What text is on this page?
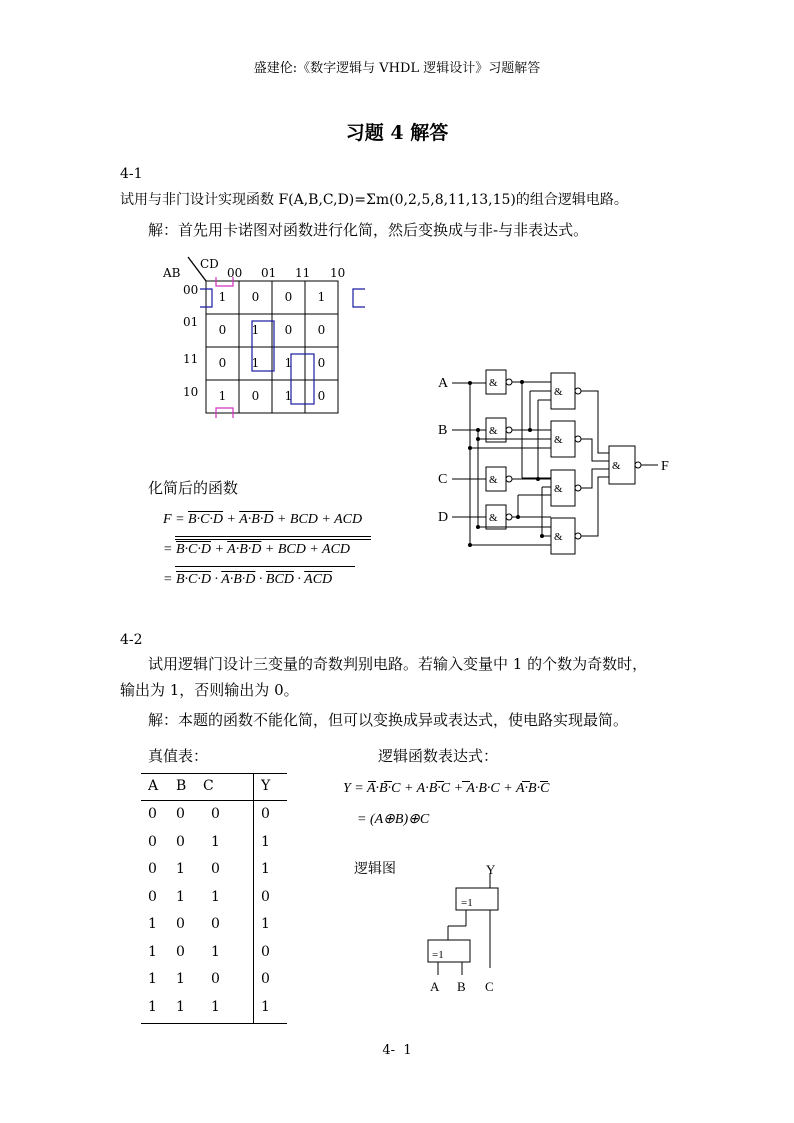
盛建伦:《数字逻辑与 VHDL 逻辑设计》习题解答
习题 4 解答
4-1
试用与非门设计实现函数 F(A,B,C,D)=Σm(0,2,5,8,11,13,15)的组合逻辑电路。
解：首先用卡诺图对函数进行化简，然后变换成与非-与非表达式。
AB
CD
00 01 11 10
00
01
11
10
1	0	0	1
0	1	0	0
0	1	1	0
1	0	1	0
A
B
C
D
F
&
&
&
&
&
&
&
&
&
化简后的函数
F = B·C·D + A·B·D + BCD + ACD
= B·C·D + A·B·D + BCD + ACD
= $B\cdot C\cdot D \cdot A\cdot B\cdot D \cdot \overline{BCD} \cdot \overline{ACD}$
4-2
试用逻辑门设计三变量的奇数判别电路。若输入变量中 1 的个数为奇数时，
输出为 1，否则输出为 0。
解：本题的函数不能化简，但可以变换成异或表达式，使电路实现最简。
真值表：	逻辑函数表达式：
A B C	Y
0 0 0	0
0 0 1	1
0 1 0	1
0 1 1	0
1 0 0	1
1 0 1	0
1 1 0	0
1 1 1	1
Y = A·B·C + A·B·C + A·B·C + A·B·C
= (A⊕B)⊕C
逻辑图	Y
=1
=1
A B C
4-  1
